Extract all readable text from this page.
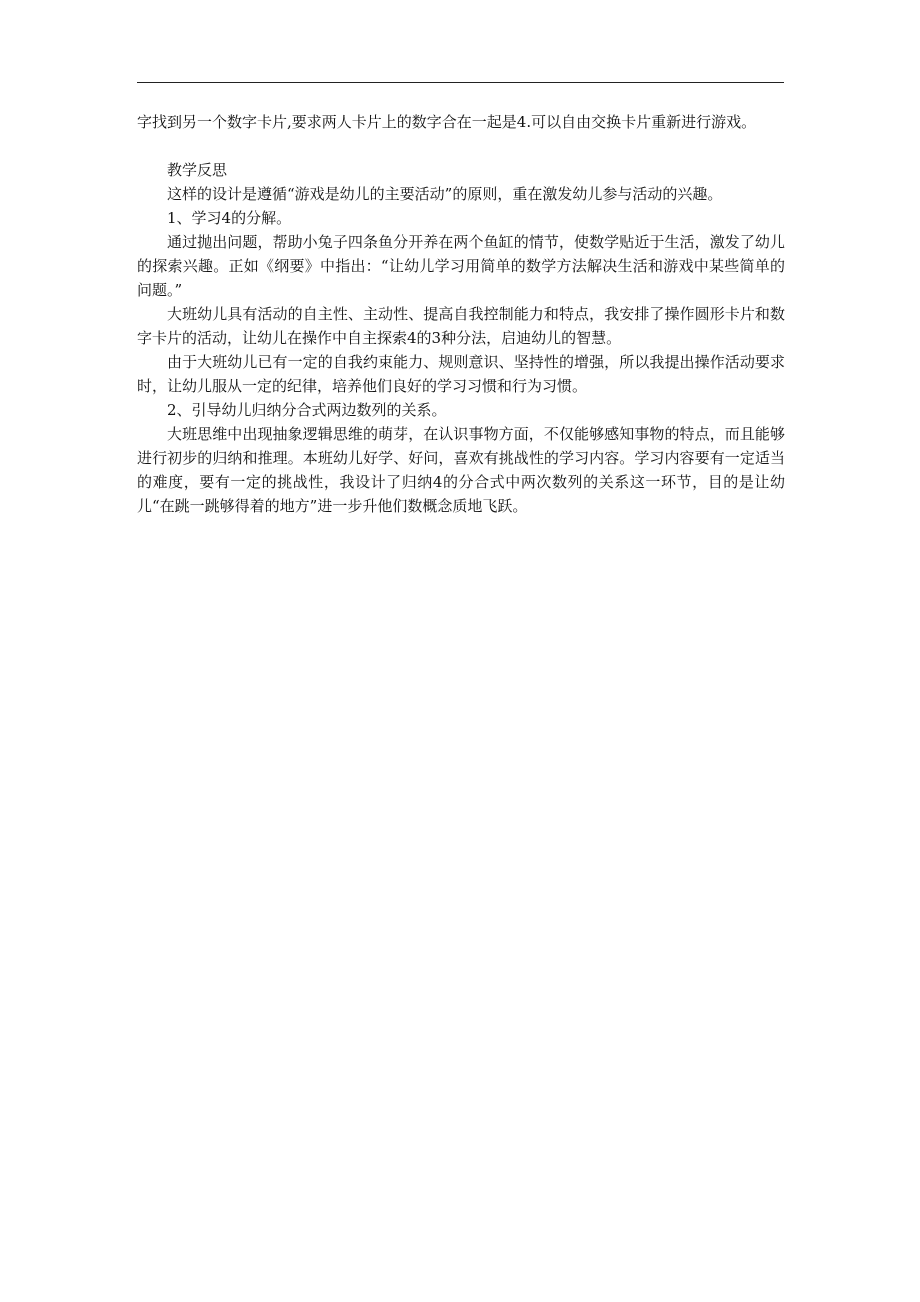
字找到另一个数字卡片,要求两人卡片上的数字合在一起是4.可以自由交换卡片重新进行游戏。

教学反思

这样的设计是遵循“游戏是幼儿的主要活动”的原则，重在激发幼儿参与活动的兴趣。

1、学习4的分解。

通过抛出问题，帮助小兔子四条鱼分开养在两个鱼缸的情节，使数学贴近于生活，激发了幼儿的探索兴趣。正如《纲要》中指出：“让幼儿学习用简单的数学方法解决生活和游戏中某些简单的问题。”

大班幼儿具有活动的自主性、主动性、提高自我控制能力和特点，我安排了操作圆形卡片和数字卡片的活动，让幼儿在操作中自主探索4的3种分法，启迪幼儿的智慧。

由于大班幼儿已有一定的自我约束能力、规则意识、坚持性的增强，所以我提出操作活动要求时，让幼儿服从一定的纪律，培养他们良好的学习习惯和行为习惯。

2、引导幼儿归纳分合式两边数列的关系。

大班思维中出现抽象逻辑思维的萌芽，在认识事物方面，不仅能够感知事物的特点，而且能够进行初步的归纳和推理。本班幼儿好学、好问，喜欢有挑战性的学习内容。学习内容要有一定适当的难度，要有一定的挑战性，我设计了归纳4的分合式中两次数列的关系这一环节，目的是让幼儿“在跳一跳够得着的地方”进一步升他们数概念质地飞跃。
